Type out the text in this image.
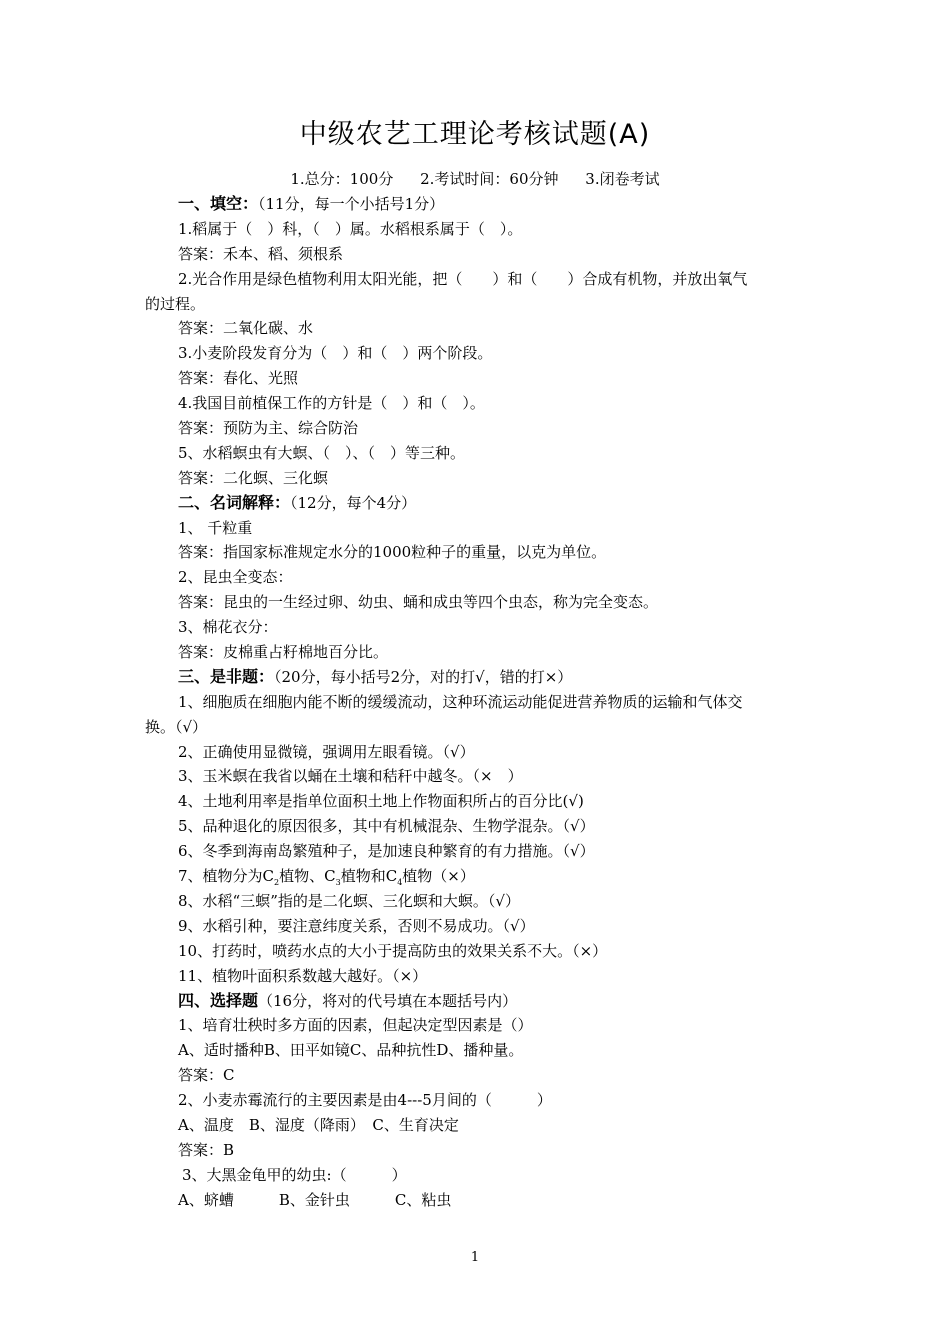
中级农艺工理论考核试题(A)
1.总分：100分 2.考试时间：60分钟 3.闭卷考试
一、填空：（11分，每一个小括号1分）
1.稻属于（　）科，（　）属。水稻根系属于（　）。
答案：禾本、稻、须根系
2.光合作用是绿色植物利用太阳光能，把（　　）和（　　）合成有机物，并放出氧气
的过程。
答案：二氧化碳、水
3.小麦阶段发育分为（　）和（　）两个阶段。
答案：春化、光照
4.我国目前植保工作的方针是（　）和（　）。
答案：预防为主、综合防治
5、水稻螟虫有大螟、（　）、（　）等三种。
答案：二化螟、三化螟
二、名词解释：（12分，每个4分）
1、 千粒重
答案：指国家标准规定水分的1000粒种子的重量，以克为单位。
2、昆虫全变态：
答案：昆虫的一生经过卵、幼虫、蛹和成虫等四个虫态，称为完全变态。
3、棉花衣分：
答案：皮棉重占籽棉地百分比。
三、是非题：（20分，每小括号2分，对的打√，错的打×）
1、细胞质在细胞内能不断的缓缓流动，这种环流运动能促进营养物质的运输和气体交
换。（√）
2、正确使用显微镜，强调用左眼看镜。（√）
3、玉米螟在我省以蛹在土壤和秸秆中越冬。（×　）
4、土地利用率是指单位面积土地上作物面积所占的百分比(√)
5、品种退化的原因很多，其中有机械混杂、生物学混杂。（√）
6、冬季到海南岛繁殖种子，是加速良种繁育的有力措施。（√）
7、植物分为$C_2$植物、$C_3$植物和$C_4$植物（×）
8、水稻“三螟”指的是二化螟、三化螟和大螟。（√）
9、水稻引种，要注意纬度关系，否则不易成功。（√）
10、打药时，喷药水点的大小于提高防虫的效果关系不大。（×）
11、植物叶面积系数越大越好。（×）
四、选择题（16分，将对的代号填在本题括号内）
1、培育壮秧时多方面的因素，但起决定型因素是（）
A、适时播种B、田平如镜C、品种抗性D、播种量。
答案：C
2、小麦赤霉流行的主要因素是由4---5月间的（　　　）
A、温度　B、湿度（降雨）　C、生育决定
答案：B
3、大黑金龟甲的幼虫:（　　　）
A、蛴螬　　　B、金针虫　　　C、粘虫
1
